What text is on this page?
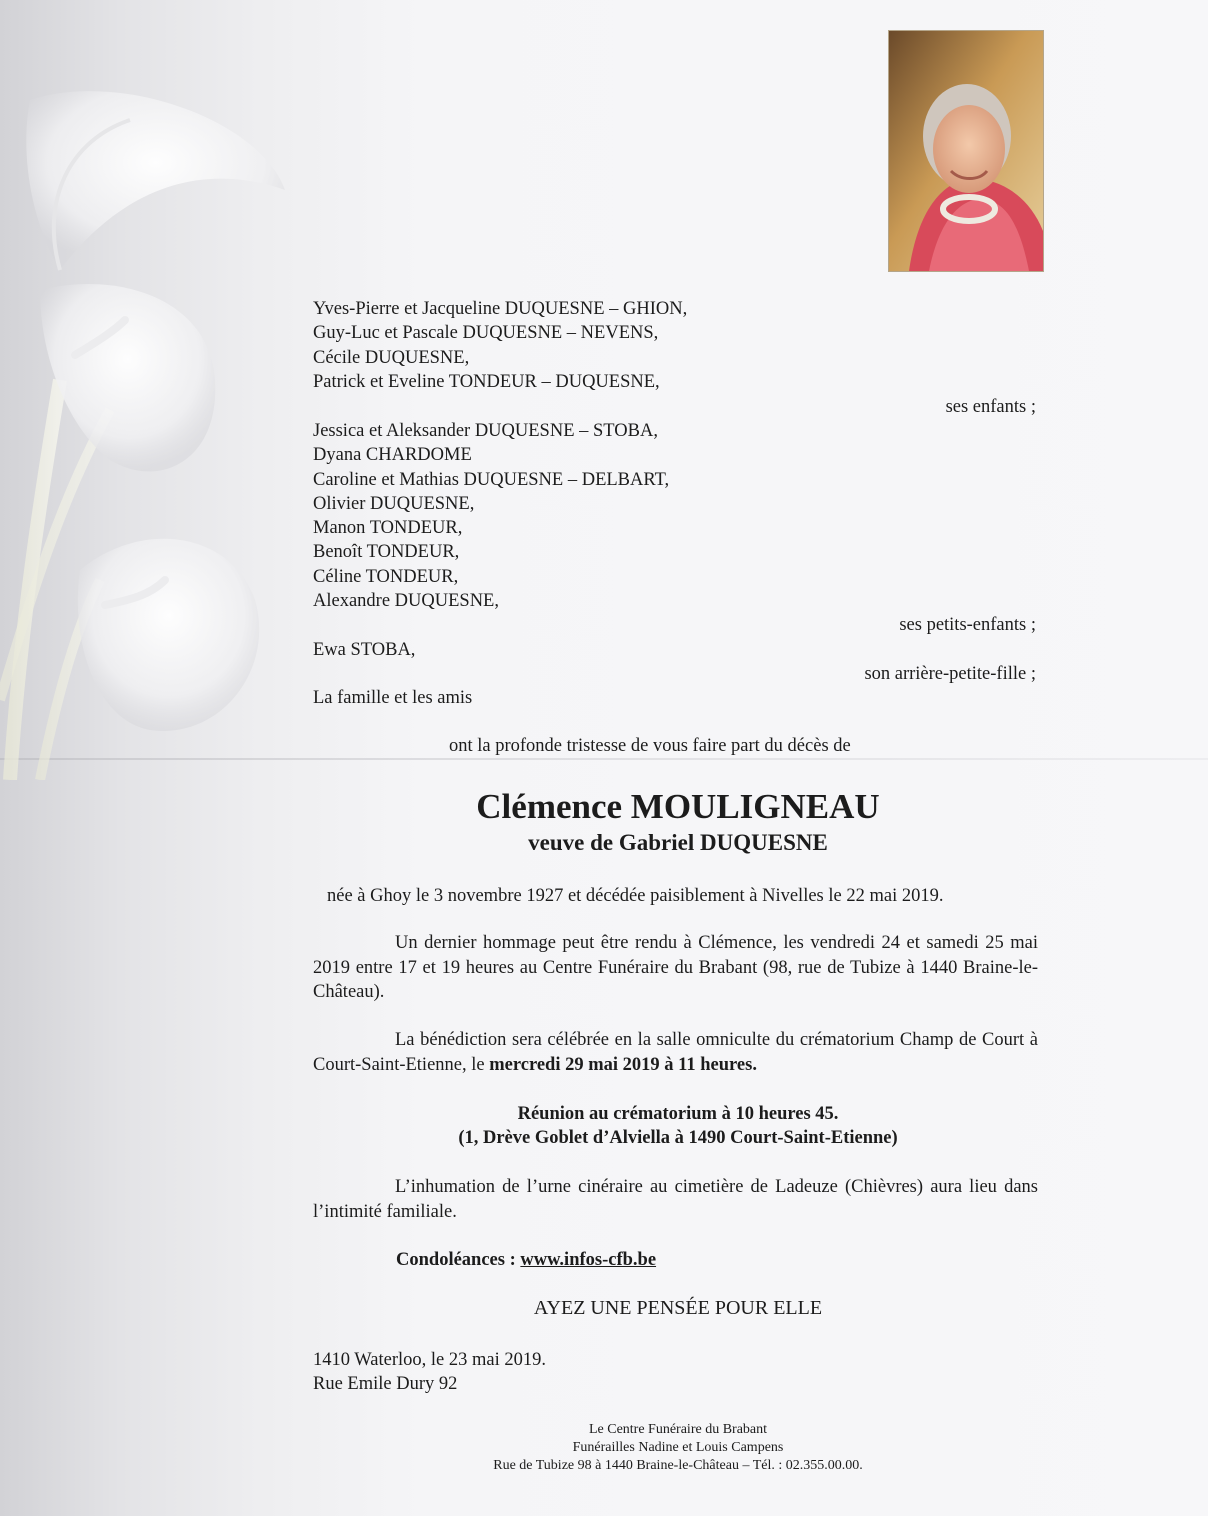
Yves-Pierre et Jacqueline DUQUESNE – GHION,
Guy-Luc et Pascale DUQUESNE – NEVENS,
Cécile DUQUESNE,
Patrick et Eveline TONDEUR – DUQUESNE,
ses enfants ;
Jessica et Aleksander DUQUESNE – STOBA,
Dyana CHARDOME
Caroline et Mathias DUQUESNE – DELBART,
Olivier DUQUESNE,
Manon TONDEUR,
Benoît TONDEUR,
Céline TONDEUR,
Alexandre DUQUESNE,
ses petits-enfants ;
Ewa STOBA,
son arrière-petite-fille ;
La famille et les amis
ont la profonde tristesse de vous faire part du décès de
Clémence MOULIGNEAU
veuve de Gabriel DUQUESNE
née à Ghoy le 3 novembre 1927 et décédée paisiblement à Nivelles le 22 mai 2019.

Un dernier hommage peut être rendu à Clémence, les vendredi 24 et samedi 25 mai 2019 entre 17 et 19 heures au Centre Funéraire du Brabant (98, rue de Tubize à 1440 Braine-le-Château).

La bénédiction sera célébrée en la salle omniculte du crématorium Champ de Court à Court-Saint-Etienne, le mercredi 29 mai 2019 à 11 heures.

Réunion au crématorium à 10 heures 45.
(1, Drève Goblet d’Alviella à 1490 Court-Saint-Etienne)

L’inhumation de l’urne cinéraire au cimetière de Ladeuze (Chièvres) aura lieu dans l’intimité familiale.

Condoléances : www.infos-cfb.be
AYEZ UNE PENSÉE POUR ELLE
1410 Waterloo, le 23 mai 2019.
Rue Emile Dury 92
Le Centre Funéraire du Brabant
Funérailles Nadine et Louis Campens
Rue de Tubize 98 à 1440 Braine-le-Château – Tél. : 02.355.00.00.
